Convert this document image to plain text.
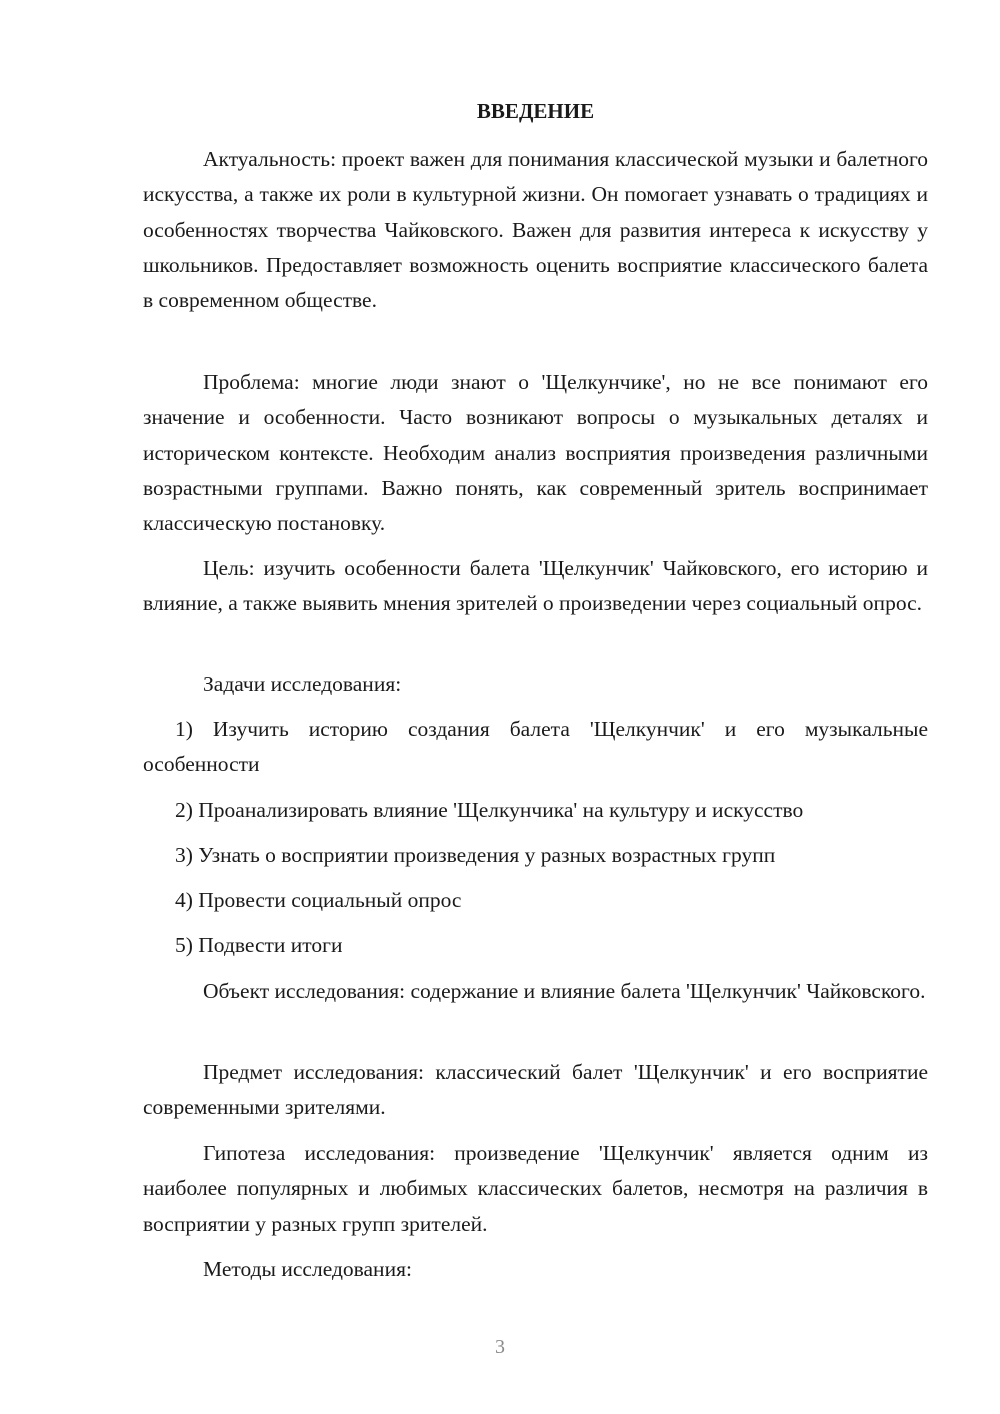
ВВЕДЕНИЕ

Актуальность: проект важен для понимания классической музыки и балетного искусства, а также их роли в культурной жизни. Он помогает узнавать о традициях и особенностях творчества Чайковского. Важен для развития интереса к искусству у школьников. Предоставляет возможность оценить восприятие классического балета в современном обществе.

Проблема: многие люди знают о 'Щелкунчике', но не все понимают его значение и особенности. Часто возникают вопросы о музыкальных деталях и историческом контексте. Необходим анализ восприятия произведения различными возрастными группами. Важно понять, как современный зритель воспринимает классическую постановку.

Цель: изучить особенности балета 'Щелкунчик' Чайковского, его историю и влияние, а также выявить мнения зрителей о произведении через социальный опрос.

Задачи исследования:

1) Изучить историю создания балета 'Щелкунчик' и его музыкальные особенности

2) Проанализировать влияние 'Щелкунчика' на культуру и искусство

3) Узнать о восприятии произведения у разных возрастных групп

4) Провести социальный опрос

5) Подвести итоги

Объект исследования: содержание и влияние балета 'Щелкунчик' Чайковского.

Предмет исследования: классический балет 'Щелкунчик' и его восприятие современными зрителями.

Гипотеза исследования: произведение 'Щелкунчик' является одним из наиболее популярных и любимых классических балетов, несмотря на различия в восприятии у разных групп зрителей.

Методы исследования:

3
